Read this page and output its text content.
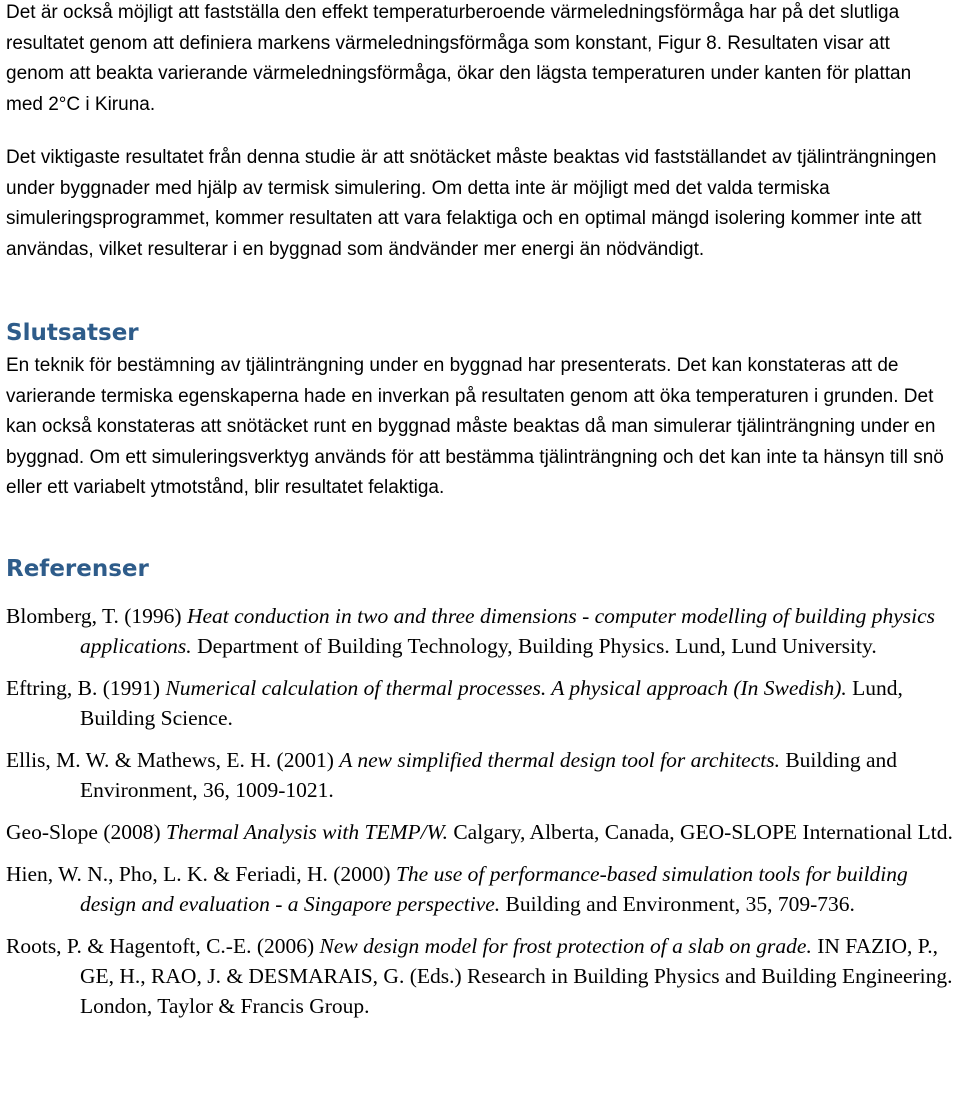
Det är också möjligt att fastställa den effekt temperaturberoende värmeledningsförmåga har på det slutliga resultatet genom att definiera markens värmeledningsförmåga som konstant, Figur 8. Resultaten visar att genom att beakta varierande värmeledningsförmåga, ökar den lägsta temperaturen under kanten för plattan med 2°C i Kiruna.

Det viktigaste resultatet från denna studie är att snötäcket måste beaktas vid fastställandet av tjälinträngningen under byggnader med hjälp av termisk simulering. Om detta inte är möjligt med det valda termiska simuleringsprogrammet, kommer resultaten att vara felaktiga och en optimal mängd isolering kommer inte att användas, vilket resulterar i en byggnad som ändvänder mer energi än nödvändigt.

Slutsatser

En teknik för bestämning av tjälinträngning under en byggnad har presenterats. Det kan konstateras att de varierande termiska egenskaperna hade en inverkan på resultaten genom att öka temperaturen i grunden. Det kan också konstateras att snötäcket runt en byggnad måste beaktas då man simulerar tjälinträngning under en byggnad. Om ett simuleringsverktyg används för att bestämma tjälinträngning och det kan inte ta hänsyn till snö eller ett variabelt ytmotstånd, blir resultatet felaktiga.

Referenser

Blomberg, T. (1996) Heat conduction in two and three dimensions - computer modelling of building physics applications. Department of Building Technology, Building Physics. Lund, Lund University.

Eftring, B. (1991) Numerical calculation of thermal processes. A physical approach (In Swedish). Lund, Building Science.

Ellis, M. W. & Mathews, E. H. (2001) A new simplified thermal design tool for architects. Building and Environment, 36, 1009-1021.

Geo-Slope (2008) Thermal Analysis with TEMP/W. Calgary, Alberta, Canada, GEO-SLOPE International Ltd.

Hien, W. N., Pho, L. K. & Feriadi, H. (2000) The use of performance-based simulation tools for building design and evaluation - a Singapore perspective. Building and Environment, 35, 709-736.

Roots, P. & Hagentoft, C.-E. (2006) New design model for frost protection of a slab on grade. IN FAZIO, P., GE, H., RAO, J. & DESMARAIS, G. (Eds.) Research in Building Physics and Building Engineering. London, Taylor & Francis Group.
